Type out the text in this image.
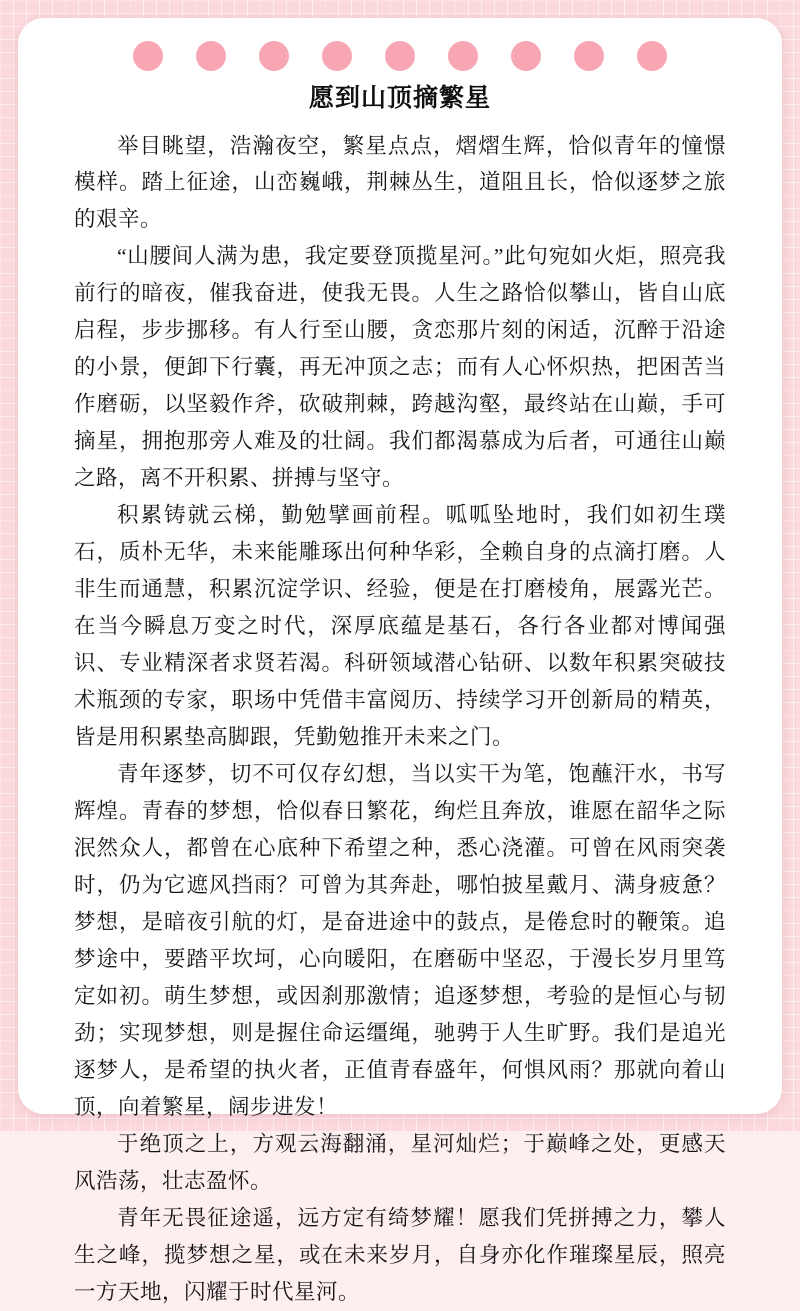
愿到山顶摘繁星

举目眺望，浩瀚夜空，繁星点点，熠熠生辉，恰似青年的憧憬模样。踏上征途，山峦巍峨，荆棘丛生，道阻且长，恰似逐梦之旅的艰辛。

“山腰间人满为患，我定要登顶揽星河。”此句宛如火炬，照亮我前行的暗夜，催我奋进，使我无畏。人生之路恰似攀山，皆自山底启程，步步挪移。有人行至山腰，贪恋那片刻的闲适，沉醉于沿途的小景，便卸下行囊，再无冲顶之志；而有人心怀炽热，把困苦当作磨砺，以坚毅作斧，砍破荆棘，跨越沟壑，最终站在山巅，手可摘星，拥抱那旁人难及的壮阔。我们都渴慕成为后者，可通往山巅之路，离不开积累、拼搏与坚守。

积累铸就云梯，勤勉擘画前程。呱呱坠地时，我们如初生璞石，质朴无华，未来能雕琢出何种华彩，全赖自身的点滴打磨。人非生而通慧，积累沉淀学识、经验，便是在打磨棱角，展露光芒。在当今瞬息万变之时代，深厚底蕴是基石，各行各业都对博闻强识、专业精深者求贤若渴。科研领域潜心钻研、以数年积累突破技术瓶颈的专家，职场中凭借丰富阅历、持续学习开创新局的精英，皆是用积累垫高脚跟，凭勤勉推开未来之门。

青年逐梦，切不可仅存幻想，当以实干为笔，饱蘸汗水，书写辉煌。青春的梦想，恰似春日繁花，绚烂且奔放，谁愿在韶华之际泯然众人，都曾在心底种下希望之种，悉心浇灌。可曾在风雨突袭时，仍为它遮风挡雨？可曾为其奔赴，哪怕披星戴月、满身疲惫？梦想，是暗夜引航的灯，是奋进途中的鼓点，是倦怠时的鞭策。追梦途中，要踏平坎坷，心向暖阳，在磨砺中坚忍，于漫长岁月里笃定如初。萌生梦想，或因刹那激情；追逐梦想，考验的是恒心与韧劲；实现梦想，则是握住命运缰绳，驰骋于人生旷野。我们是追光逐梦人，是希望的执火者，正值青春盛年，何惧风雨？那就向着山顶，向着繁星，阔步进发！

于绝顶之上，方观云海翻涌，星河灿烂；于巅峰之处，更感天风浩荡，壮志盈怀。

青年无畏征途遥，远方定有绮梦耀！愿我们凭拼搏之力，攀人生之峰，揽梦想之星，或在未来岁月，自身亦化作璀璨星辰，照亮一方天地，闪耀于时代星河。
